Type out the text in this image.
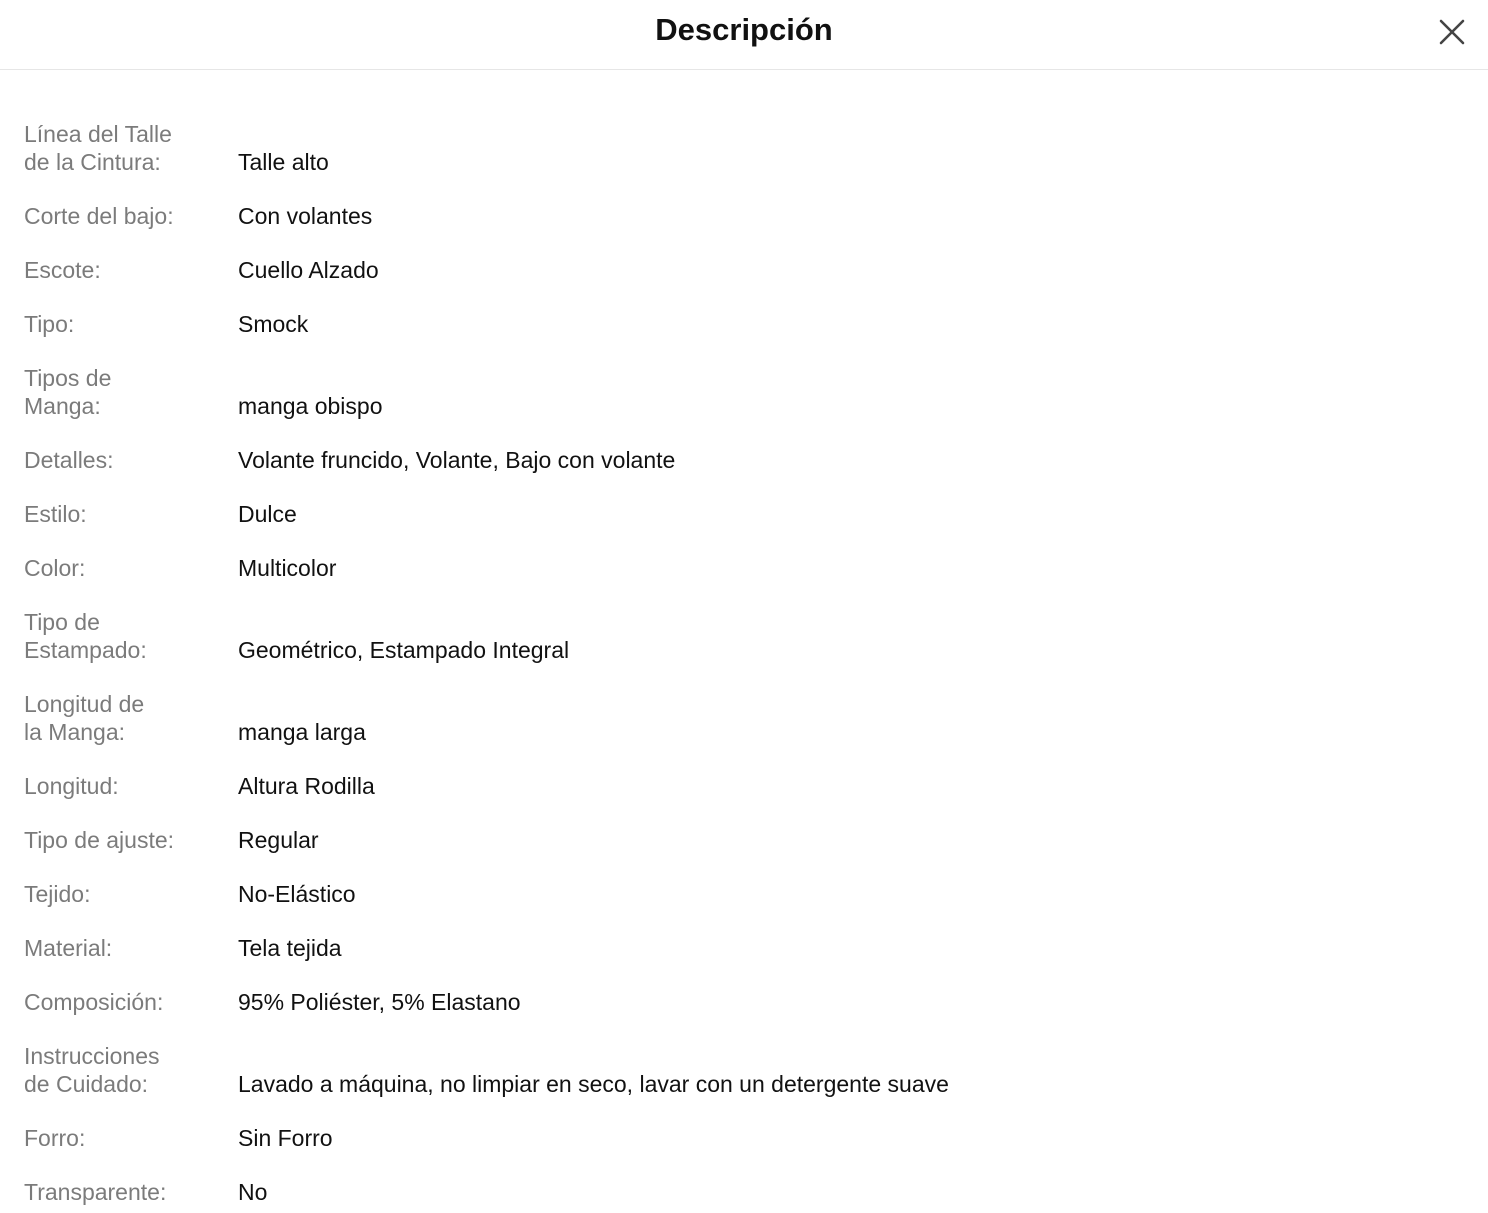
Descripción
Línea del Talle
de la Cintura:	Talle alto
Corte del bajo:	Con volantes
Escote:	Cuello Alzado
Tipo:	Smock
Tipos de
Manga:	manga obispo
Detalles:	Volante fruncido, Volante, Bajo con volante
Estilo:	Dulce
Color:	Multicolor
Tipo de
Estampado:	Geométrico, Estampado Integral
Longitud de
la Manga:	manga larga
Longitud:	Altura Rodilla
Tipo de ajuste:	Regular
Tejido:	No-Elástico
Material:	Tela tejida
Composición:	95% Poliéster, 5% Elastano
Instrucciones
de Cuidado:	Lavado a máquina, no limpiar en seco, lavar con un detergente suave
Forro:	Sin Forro
Transparente:	No
